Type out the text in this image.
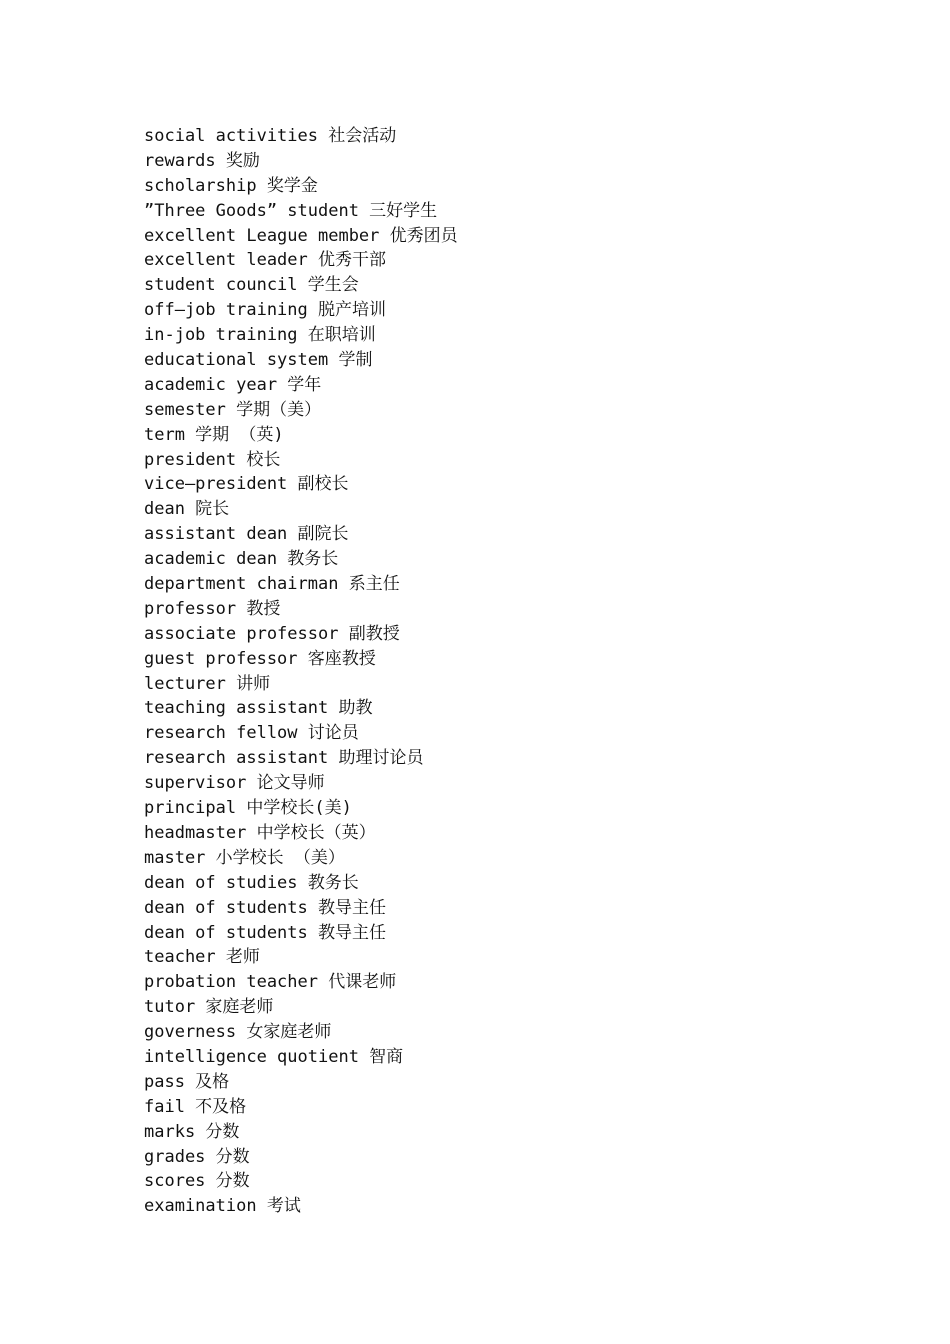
social activities 社会活动
rewards 奖励
scholarship 奖学金
”Three Goods” student 三好学生
excellent League member 优秀团员
excellent leader 优秀干部
student council 学生会
off—job training 脱产培训
in-job training 在职培训
educational system 学制
academic year 学年
semester 学期（美）
term 学期 （英)
president 校长
vice—president 副校长
dean 院长
assistant dean 副院长
academic dean 教务长
department chairman 系主任
professor 教授
associate professor 副教授
guest professor 客座教授
lecturer 讲师
teaching assistant 助教
research fellow 讨论员
research assistant 助理讨论员
supervisor 论文导师
principal 中学校长(美)
headmaster 中学校长（英）
master 小学校长 （美）
dean of studies 教务长
dean of students 教导主任
dean of students 教导主任
teacher 老师
probation teacher 代课老师
tutor 家庭老师
governess 女家庭老师
intelligence quotient 智商
pass 及格
fail 不及格
marks 分数
grades 分数
scores 分数
examination 考试
